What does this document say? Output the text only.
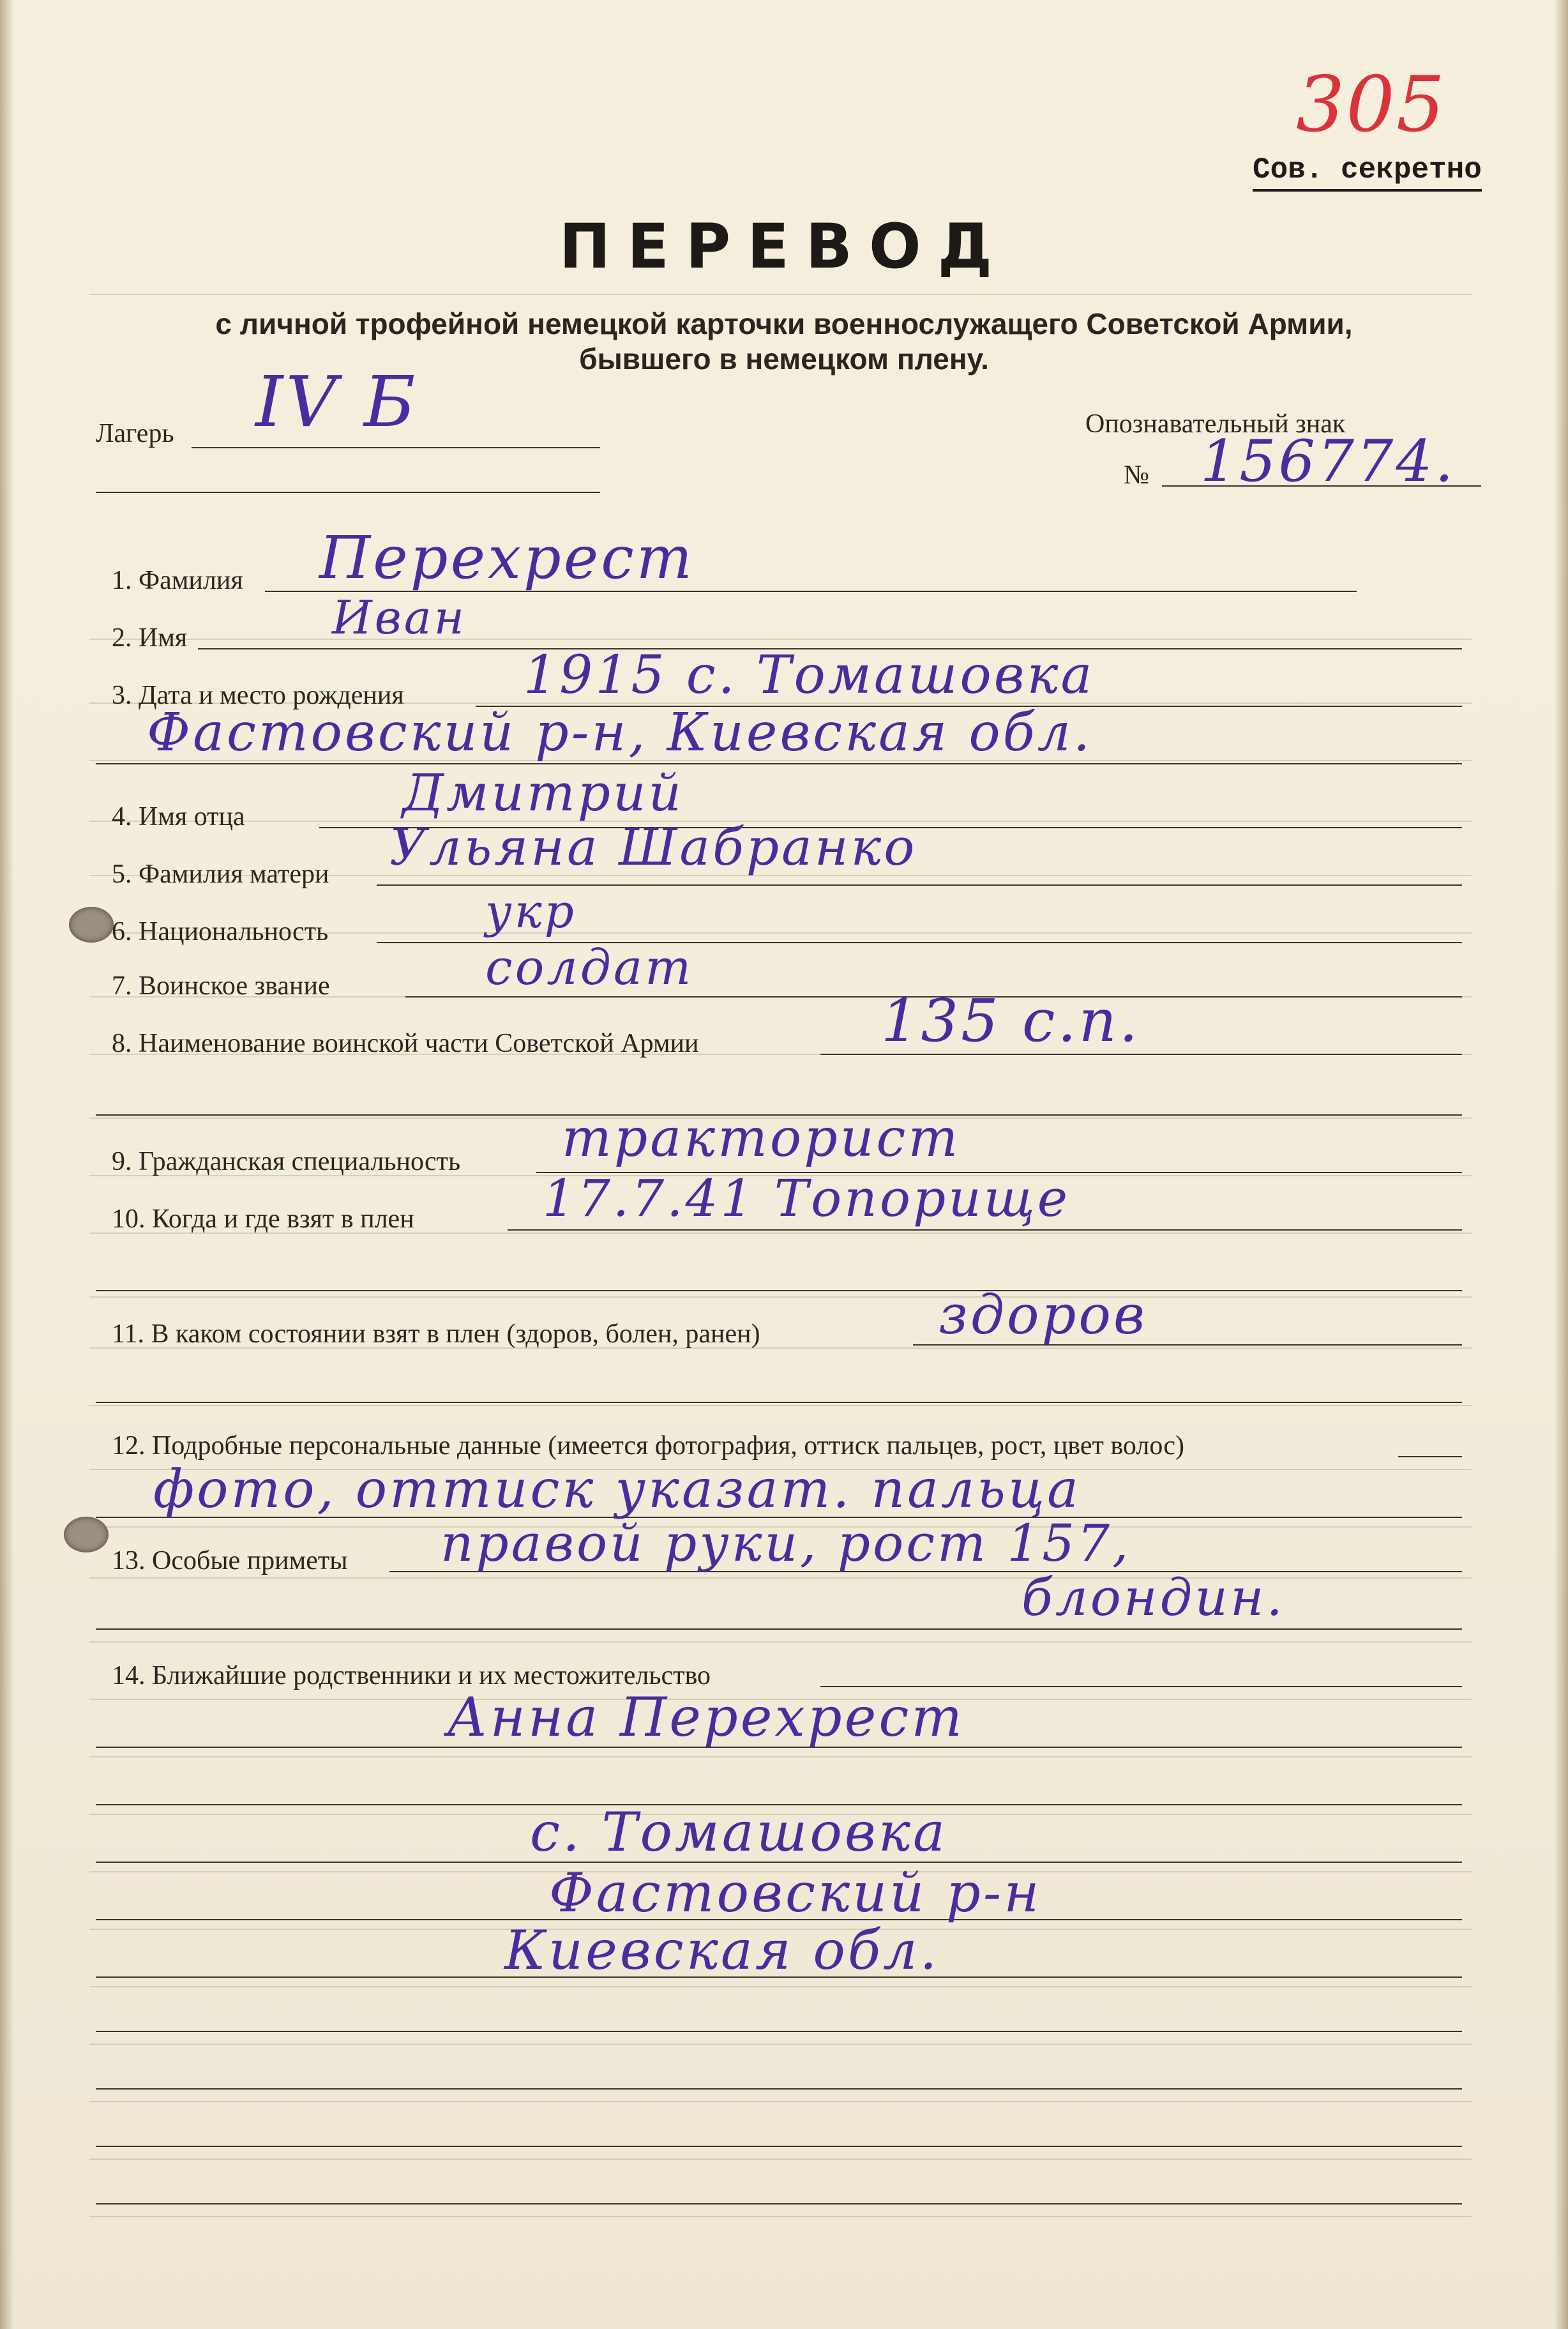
305
Сов. секретно
ПЕРЕВОД
с личной трофейной немецкой карточки военнослужащего Советской Армии,
бывшего в немецком плену.
Лагерь IV Б	Опознавательный знак
№ 156774.
1. Фамилия Перехрест
2. Имя	Иван
3. Дата и место рождения 1915 с. Томашовка
Фастовский р-н, Киевская обл.
4. Имя отца	Дмитрий
5. Фамилия матери Ульяна Шабранко
6. Национальность	укр
7. Воинское звание	солдат
8. Наименование воинской части Советской Армии	135 с.п.
9. Гражданская специальность тракторист
10. Когда и где взят в плен	17.7.41 Топорище
11. В каком состоянии взят в плен (здоров, болен, ранен)	здоров
12. Подробные персональные данные (имеется фотография, оттиск пальцев, рост, цвет волос)
фото, оттиск указат. пальца
13. Особые приметы правой руки, рост 157,
блондин.
14. Ближайшие родственники и их местожительство
Анна Перехрест
с. Томашовка
Фастовский р-н
Киевская обл.
